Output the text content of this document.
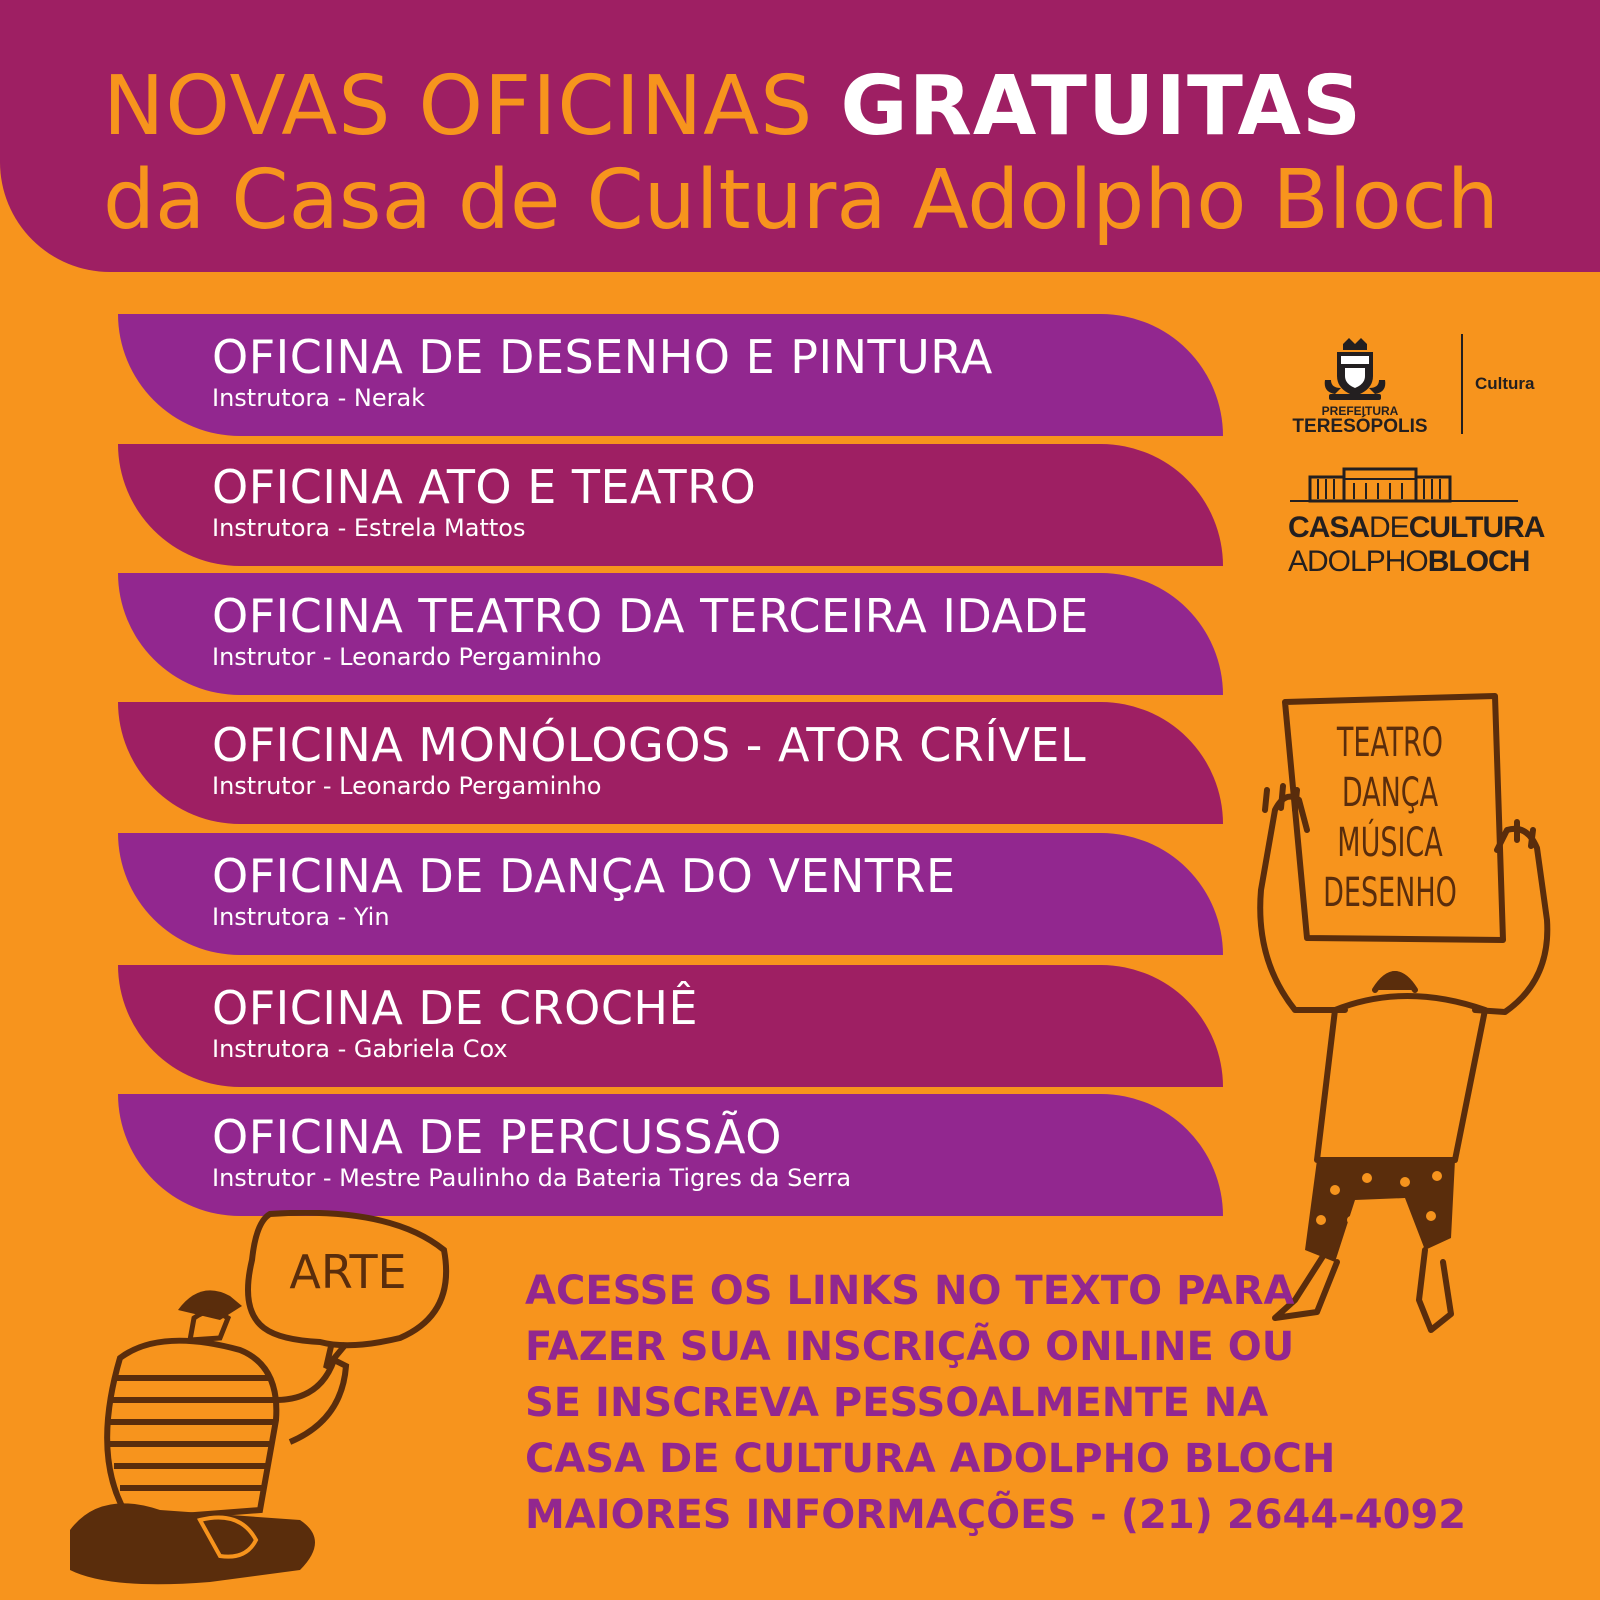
NOVAS OFICINAS GRATUITAS
da Casa de Cultura Adolpho Bloch
OFICINA DE DESENHO E PINTURA
Instrutora - Nerak
OFICINA ATO E TEATRO
Instrutora - Estrela Mattos
OFICINA TEATRO DA TERCEIRA IDADE
Instrutor - Leonardo Pergaminho
OFICINA MONÓLOGOS - ATOR CRÍVEL
Instrutor - Leonardo Pergaminho
OFICINA DE DANÇA DO VENTRE
Instrutora - Yin
OFICINA DE CROCHÊ
Instrutora - Gabriela Cox
OFICINA DE PERCUSSÃO
Instrutor - Mestre Paulinho da Bateria Tigres da Serra
PREFEITURA
TERESÓPOLIS
Cultura
CASADECULTURA
ADOLPHOBLOCH
TEATRO
DANÇA
MÚSICA
DESENHO
ARTE	ACESSE OS LINKS NO TEXTO PARA
FAZER SUA INSCRIÇÃO ONLINE OU
SE INSCREVA PESSOALMENTE NA
CASA DE CULTURA ADOLPHO BLOCH
MAIORES INFORMAÇÕES - (21) 2644-4092
